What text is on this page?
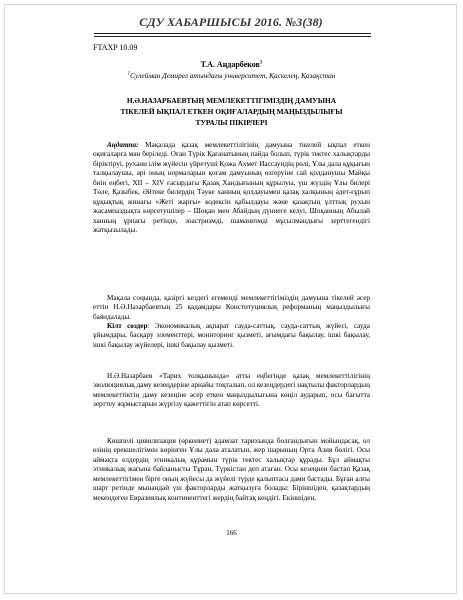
СДУ ХАБАРШЫСЫ 2016. №3(38)
FTAXP 10.09
Т.А. Аңдарбеков$^1$
$^1$Сулейман Демирел атындағы университет, Қаскелең, Қазақстан
Н.Ә.НАЗАРБАЕВТЫҢ МЕМЛЕКЕТТІГІМІЗДІҢ ДАМУЫНА
ТІКЕЛЕЙ ЫҚПАЛ ЕТКЕН ОҚИҒАЛАРДЫҢ МАҢЫЗДЫЛЫҒЫ
ТУРАЛЫ ПІКІРЛЕРІ
Аңдатпа: Мақалада қазақ мемлекеттілігінің дамуына тікелей ықпал еткен оқиғаларға мән беріледі. Оған Түрік Қағанатының пайда болып, түрік тектес халықтарды біріктіруі, рухани ілім жүйесін үйретуші Қожа Ахмет Иассауидің рөлі, Ұлы дала құқығын талқылаушы, әрі оның нормаларын қоғам дамуының өзгеруіне сай қолданушы Майқы биін еңбегі, XII – XIV ғасырдағы Қазақ Хандығының құрылуы, үш жүздің Ұлы билері Төле, Қазыбек, Әйтеке билердің Тәуке ханның қолдауымен қазақ халқының әдет-ғұрып құқықтық жинағы «Жеті жарғы» кодексін қабылдауы және қазақтың ұлттық рухын жасампаздықта көрсетушілер – Шоқан мен Абайдың дүниеге келуі, Шоқанның Абылай ханның ұрпағы ретінде, зоастризмді, шаманизмді мұсылмандығы зерттегендігі жатқызылады.
Мақала соңында, қазіргі кездегі егемендi мемлекеттiгiмiздiң дамуына тікелей әсер еттін Н.Ә.Назарбаевтың 25 қадамдары Конституциялық реформаның маңыздылығы баяндалады.
Кілт сөздер: Экономикалық ақпарат сауда-саттық, сауда-саттық жүйесі, сауда ұйымдары, басқару элементтері, мониторинг қызметі, ағымдағы бақылау, ішкі бақылау, ішкі бақылау жүйелері, ішкі бақылау қызметі.
Н.Ә.Назарбаев «Тарих толқынында» атты еңбегінде қазақ мемлекеттілігінің эволюциялық даму кезеңдеріне арнайы тоқталып, ол кезеңдердегі нақтылы факторлардың мемлекеттіктің даму кезеңіне әсер еткен маңыздылығына көңіл аударып, осы бағытта зерттеу жұмыстарын жүргізу қажеттігін атап көрсетті.
Көшпелі цивилизация (өркениет) адамзат тарихында болғандығын мойындасақ, ол өзінің ерекшелігімен көрінген Ұлы дала аталатын, жер шарының Орта Азия бөлігі. Осы аймақта елдердің этникалық құрамын түрік тектес халықтар құрады. Бұл аймақты этникалық жағына байланысты Тұран, Түркістан деп атаған. Осы кезеңнен бастап Қазақ мемлекеттігімен бірге оның жүйесы да жүйелі түрде қалыптаса дами бастады. Бұған алғы шарт ретінде мынандай үш факторларды жатқызуға болады: Біріншіден, қазақтардың мекендеген Евразиялық континенттегі жердің байтақ кеңдігі. Екіншіден,
166
